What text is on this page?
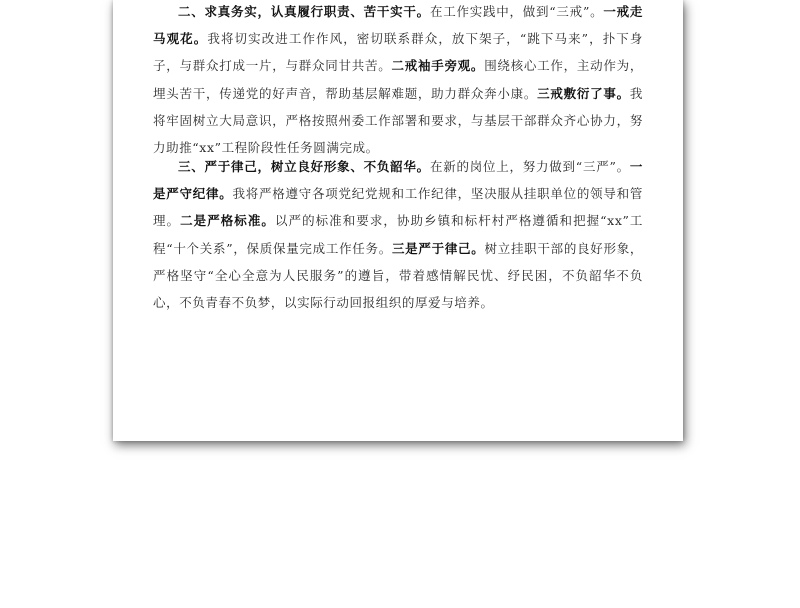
二、求真务实，认真履行职责、苦干实干。在工作实践中，做到“三戒”。一戒走马观花。我将切实改进工作作风，密切联系群众，放下架子，“跳下马来”，扑下身子，与群众打成一片，与群众同甘共苦。二戒袖手旁观。围绕核心工作，主动作为，埋头苦干，传递党的好声音，帮助基层解难题，助力群众奔小康。三戒敷衍了事。我将牢固树立大局意识，严格按照州委工作部署和要求，与基层干部群众齐心协力，努力助推“xx”工程阶段性任务圆满完成。

三、严于律己，树立良好形象、不负韶华。在新的岗位上，努力做到“三严”。一是严守纪律。我将严格遵守各项党纪党规和工作纪律，坚决服从挂职单位的领导和管理。二是严格标准。以严的标准和要求，协助乡镇和标杆村严格遵循和把握“xx”工程“十个关系”，保质保量完成工作任务。三是严于律己。树立挂职干部的良好形象，严格坚守“全心全意为人民服务”的遵旨，带着感情解民忧、纾民困，不负韶华不负心，不负青春不负梦，以实际行动回报组织的厚爱与培养。
